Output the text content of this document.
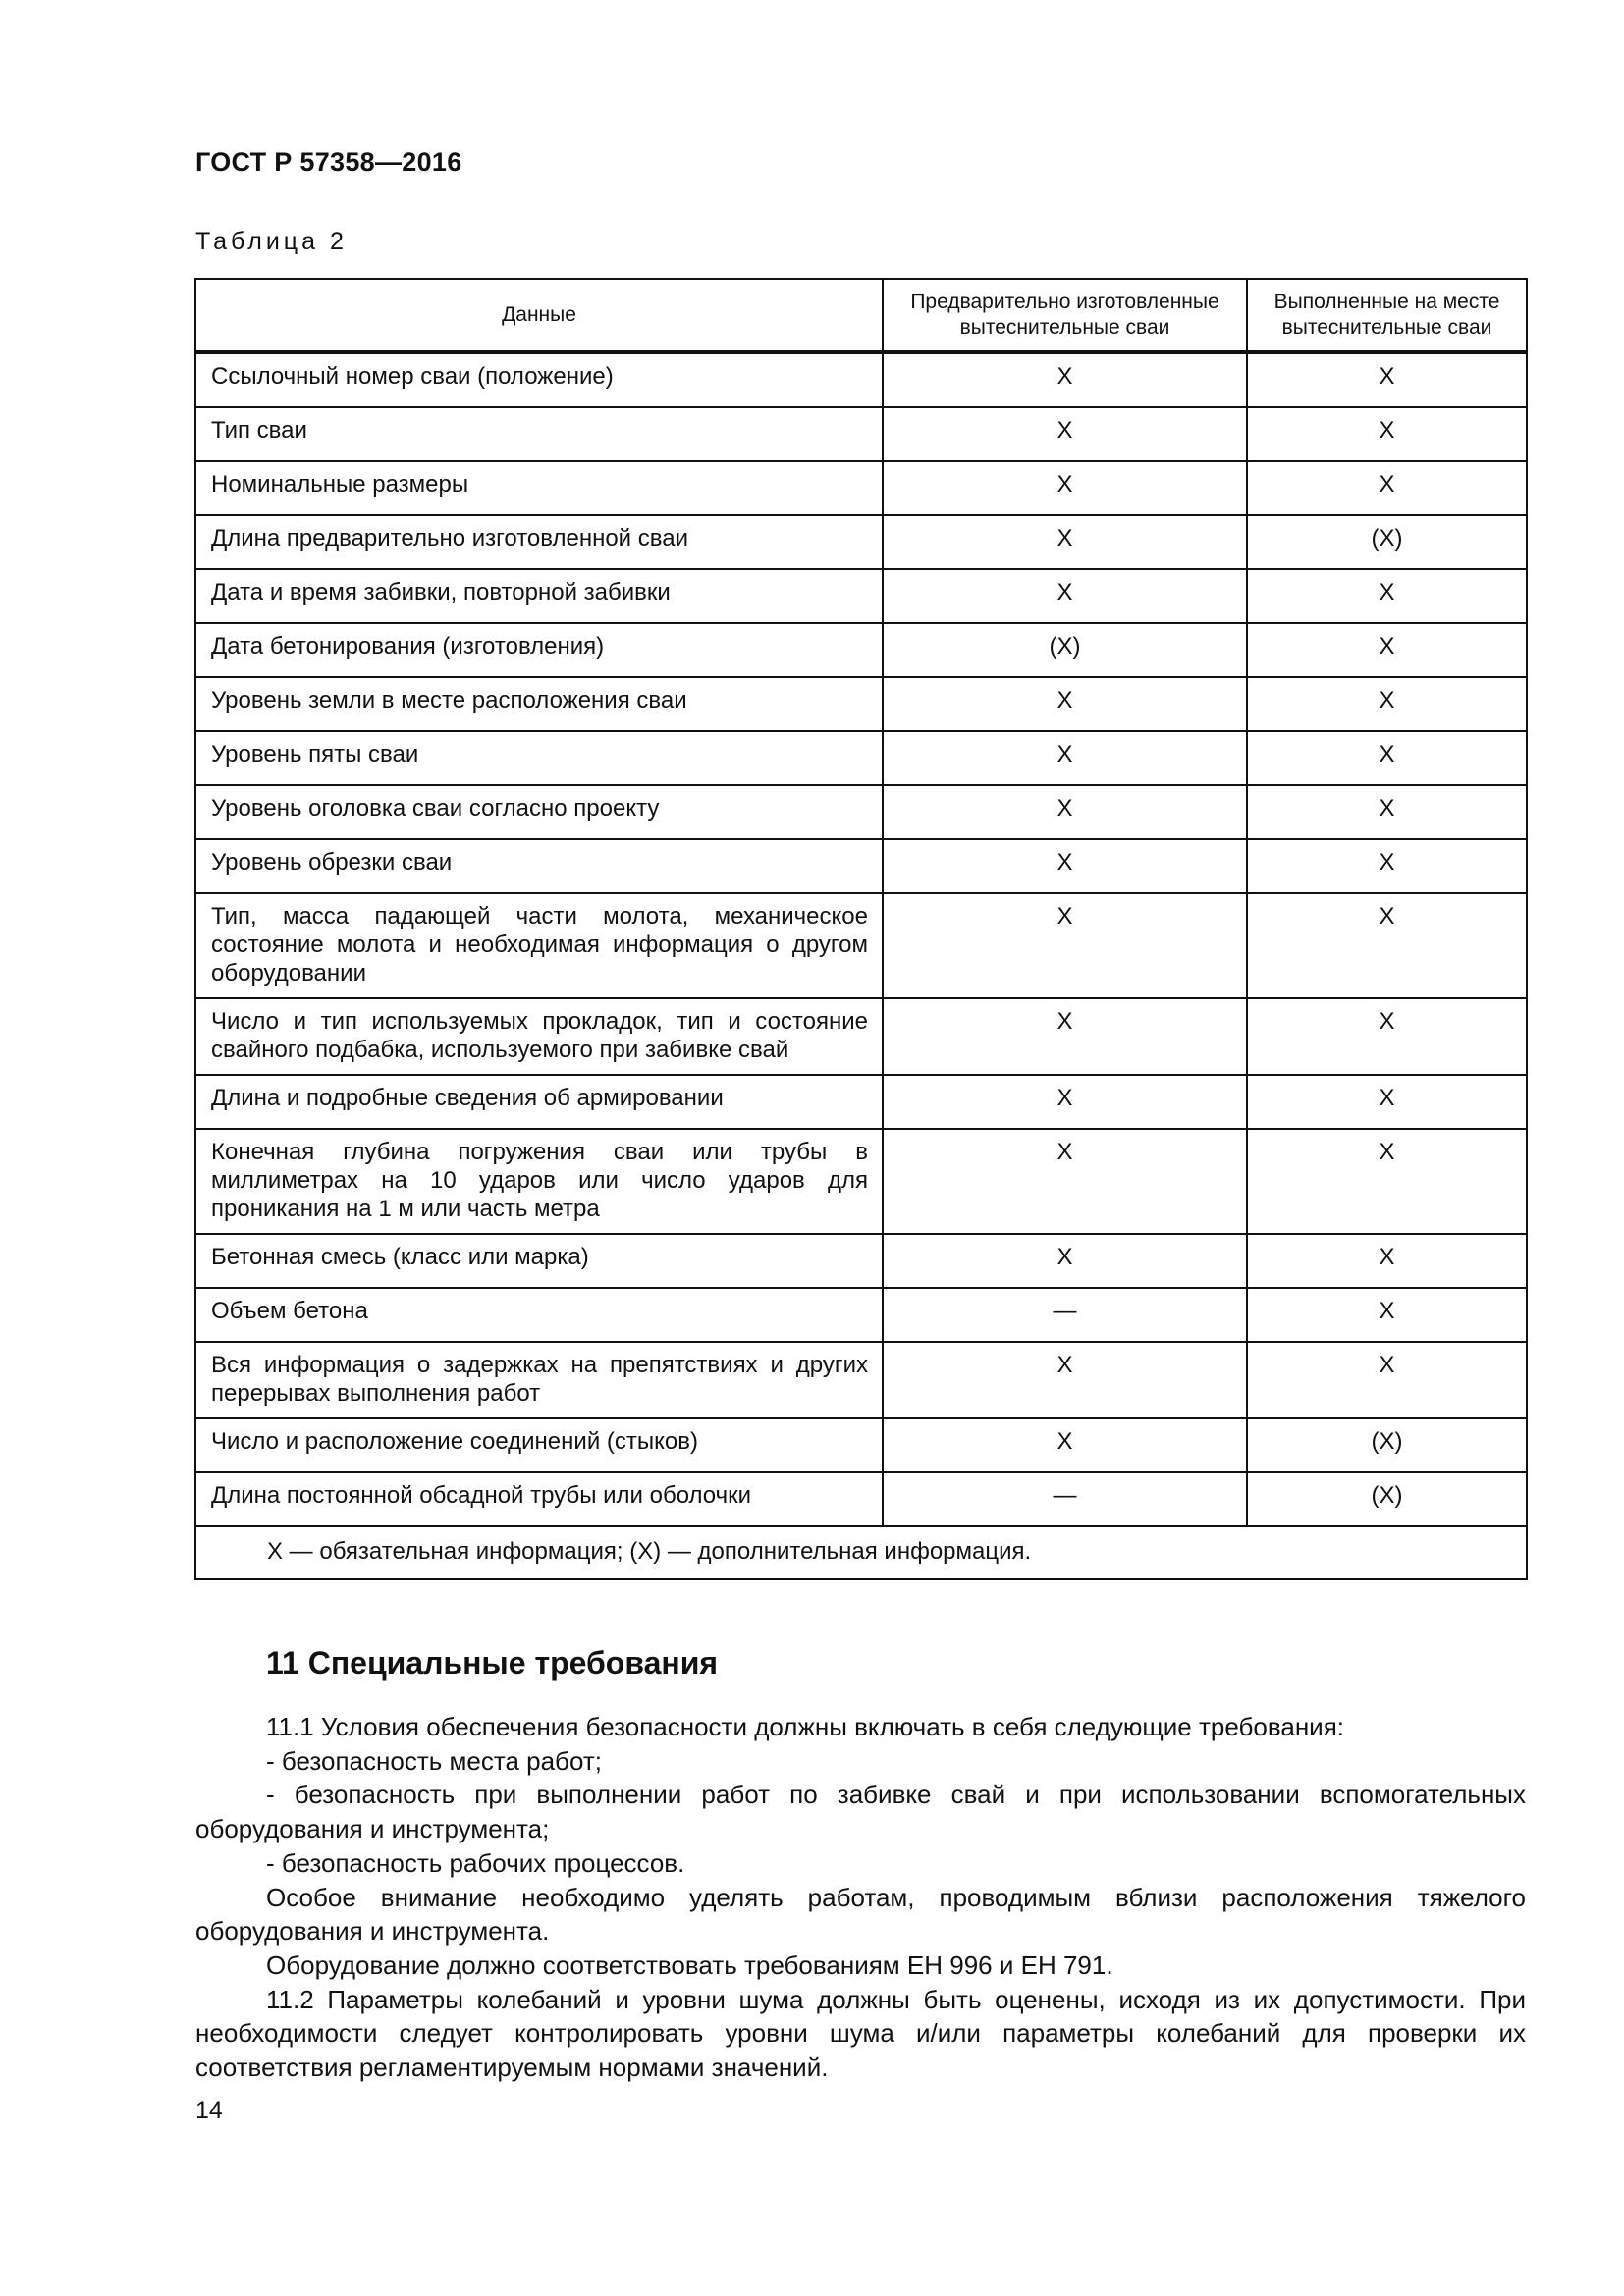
ГОСТ Р 57358—2016
Таблица 2
Данные	Предварительно изготовленные вытеснительные сваи	Выполненные на месте вытеснительные сваи
Ссылочный номер сваи (положение)	Х	Х
Тип сваи	Х	Х
Номинальные размеры	Х	Х
Длина предварительно изготовленной сваи	Х	(Х)
Дата и время забивки, повторной забивки	Х	Х
Дата бетонирования (изготовления)	(Х)	Х
Уровень земли в месте расположения сваи	Х	Х
Уровень пяты сваи	Х	Х
Уровень оголовка сваи согласно проекту	Х	Х
Уровень обрезки сваи	Х	Х
Тип, масса падающей части молота, механическое состояние молота и необходимая информация о другом оборудовании	Х	Х
Число и тип используемых прокладок, тип и состояние свайного подбабка, используемого при забивке свай	Х	Х
Длина и подробные сведения об армировании	Х	Х
Конечная глубина погружения сваи или трубы в миллиметрах на 10 ударов или число ударов для проникания на 1 м или часть метра	Х	Х
Бетонная смесь (класс или марка)	Х	Х
Объем бетона	—	Х
Вся информация о задержках на препятствиях и других перерывах выполнения работ	Х	Х
Число и расположение соединений (стыков)	Х	(Х)
Длина постоянной обсадной трубы или оболочки	—	(Х)
Х — обязательная информация; (Х) — дополнительная информация.		
11 Специальные требования

11.1 Условия обеспечения безопасности должны включать в себя следующие требования:

- безопасность места работ;

- безопасность при выполнении работ по забивке свай и при использовании вспомогательных оборудования и инструмента;

- безопасность рабочих процессов.

Особое внимание необходимо уделять работам, проводимым вблизи расположения тяжелого оборудования и инструмента.

Оборудование должно соответствовать требованиям ЕН 996 и ЕН 791.

11.2 Параметры колебаний и уровни шума должны быть оценены, исходя из их допустимости. При необходимости следует контролировать уровни шума и/или параметры колебаний для проверки их соответствия регламентируемым нормами значений.

14
